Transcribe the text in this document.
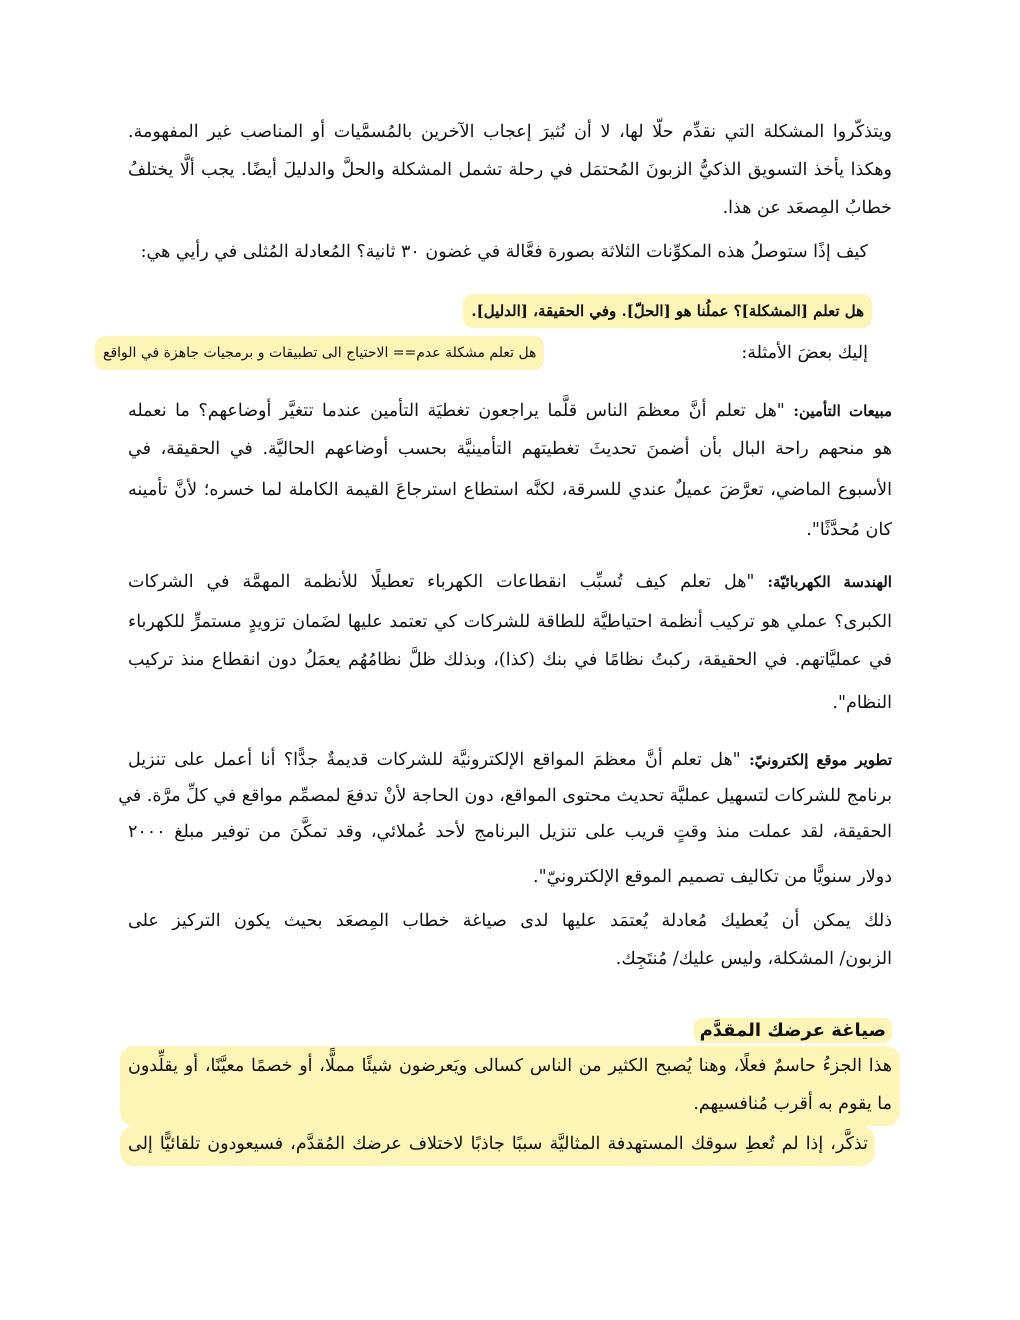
ويتذكّروا المشكلة التي نقدِّم حلّا لها، لا أن نُثيرَ إعجاب الآخرين بالمُسمَّيات أو المناصب غير المفهومة.
وهكذا يأخذ التسويق الذكيُّ الزبونَ المُحتمَل في رحلة تشمل المشكلة والحلَّ والدليلَ أيضًا. يجب ألَّا يختلفُ
خطابُ المِصعَد عن هذا.
كيف إذًا ستوصلُ هذه المكوِّنات الثلاثة بصورة فعَّالة في غضون ٣٠ ثانية؟ المُعادلة المُثلى في رأيي هي:
هل تعلم [المشكلة]؟ عملُنا هو [الحلّ]. وفي الحقيقة، [الدليل].
هل تعلم مشكلة عدم== الاحتياج الى تطبيقات و برمجيات جاهزة في الواقع	إليك بعضَ الأمثلة:
مبيعات التأمين: "هل تعلم أنَّ معظمَ الناس قلَّما يراجعون تغطيَة التأمين عندما تتغيَّر أوضاعهم؟ ما نعمله
هو منحهم راحة البال بأن أضمنَ تحديثَ تغطيتهم التأمينيَّة بحسب أوضاعهم الحاليَّة. في الحقيقة، في
الأسبوع الماضي، تعرَّضَ عميلٌ عندي للسرقة، لكنَّه استطاع استرجاعَ القيمة الكاملة لما خسره؛ لأنَّ تأمينه
كان مُحدَّثًا".
الهندسة الكهربائيّة: "هل تعلم كيف تُسبِّب انقطاعات الكهرباء تعطيلًا للأنظمة المهمَّة في الشركات
الكبرى؟ عملي هو تركيب أنظمة احتياطيَّة للطاقة للشركات كي تعتمد عليها لضَمان تزويدٍ مستمرٍّ للكهرباء
في عمليَّاتهم. في الحقيقة، ركبتُ نظامًا في بنك (كذا)، وبذلك ظلَّ نظامُهُم يعمَلُ دون انقطاع منذ تركيب
النظام".
تطوير موقع إلكترونيّ: "هل تعلم أنَّ معظمَ المواقع الإلكترونيَّة للشركات قديمةٌ جدًّا؟ أنا أعمل على تنزيل
برنامج للشركات لتسهيل عمليَّة تحديث محتوى المواقع، دون الحاجة لأنْ تدفعَ لمصمِّم مواقع في كلِّ مرَّة. في
الحقيقة، لقد عملت منذ وقتٍ قريب على تنزيل البرنامج لأحد عُملائي، وقد تمكَّنَ من توفير مبلغ ٢٠٠٠
دولار سنويًّا من تكاليف تصميم الموقع الإلكترونيّ".
ذلك يمكن أن يُعطيك مُعادلة يُعتمَد عليها لدى صياغة خطاب المِصعَد بحيث يكون التركيز على
الزبون/ المشكلة، وليس عليك/ مُنتَجِك.
صياغة عرضك المقدَّم
هذا الجزءُ حاسمٌ فعلًا، وهنا يُصبح الكثير من الناس كسالى ويَعرضون شيئًا مملًّا، أو خصمًا معيَّنًا، أو يقلِّدون
ما يقوم به أقرب مُنافسيهم.
تذكَّر، إذا لم تُعطِ سوقك المستهدفة المثاليَّة سببًا جاذبًا لاختلاف عرضك المُقدَّم، فسيعودون تلقائيًّا إلى
